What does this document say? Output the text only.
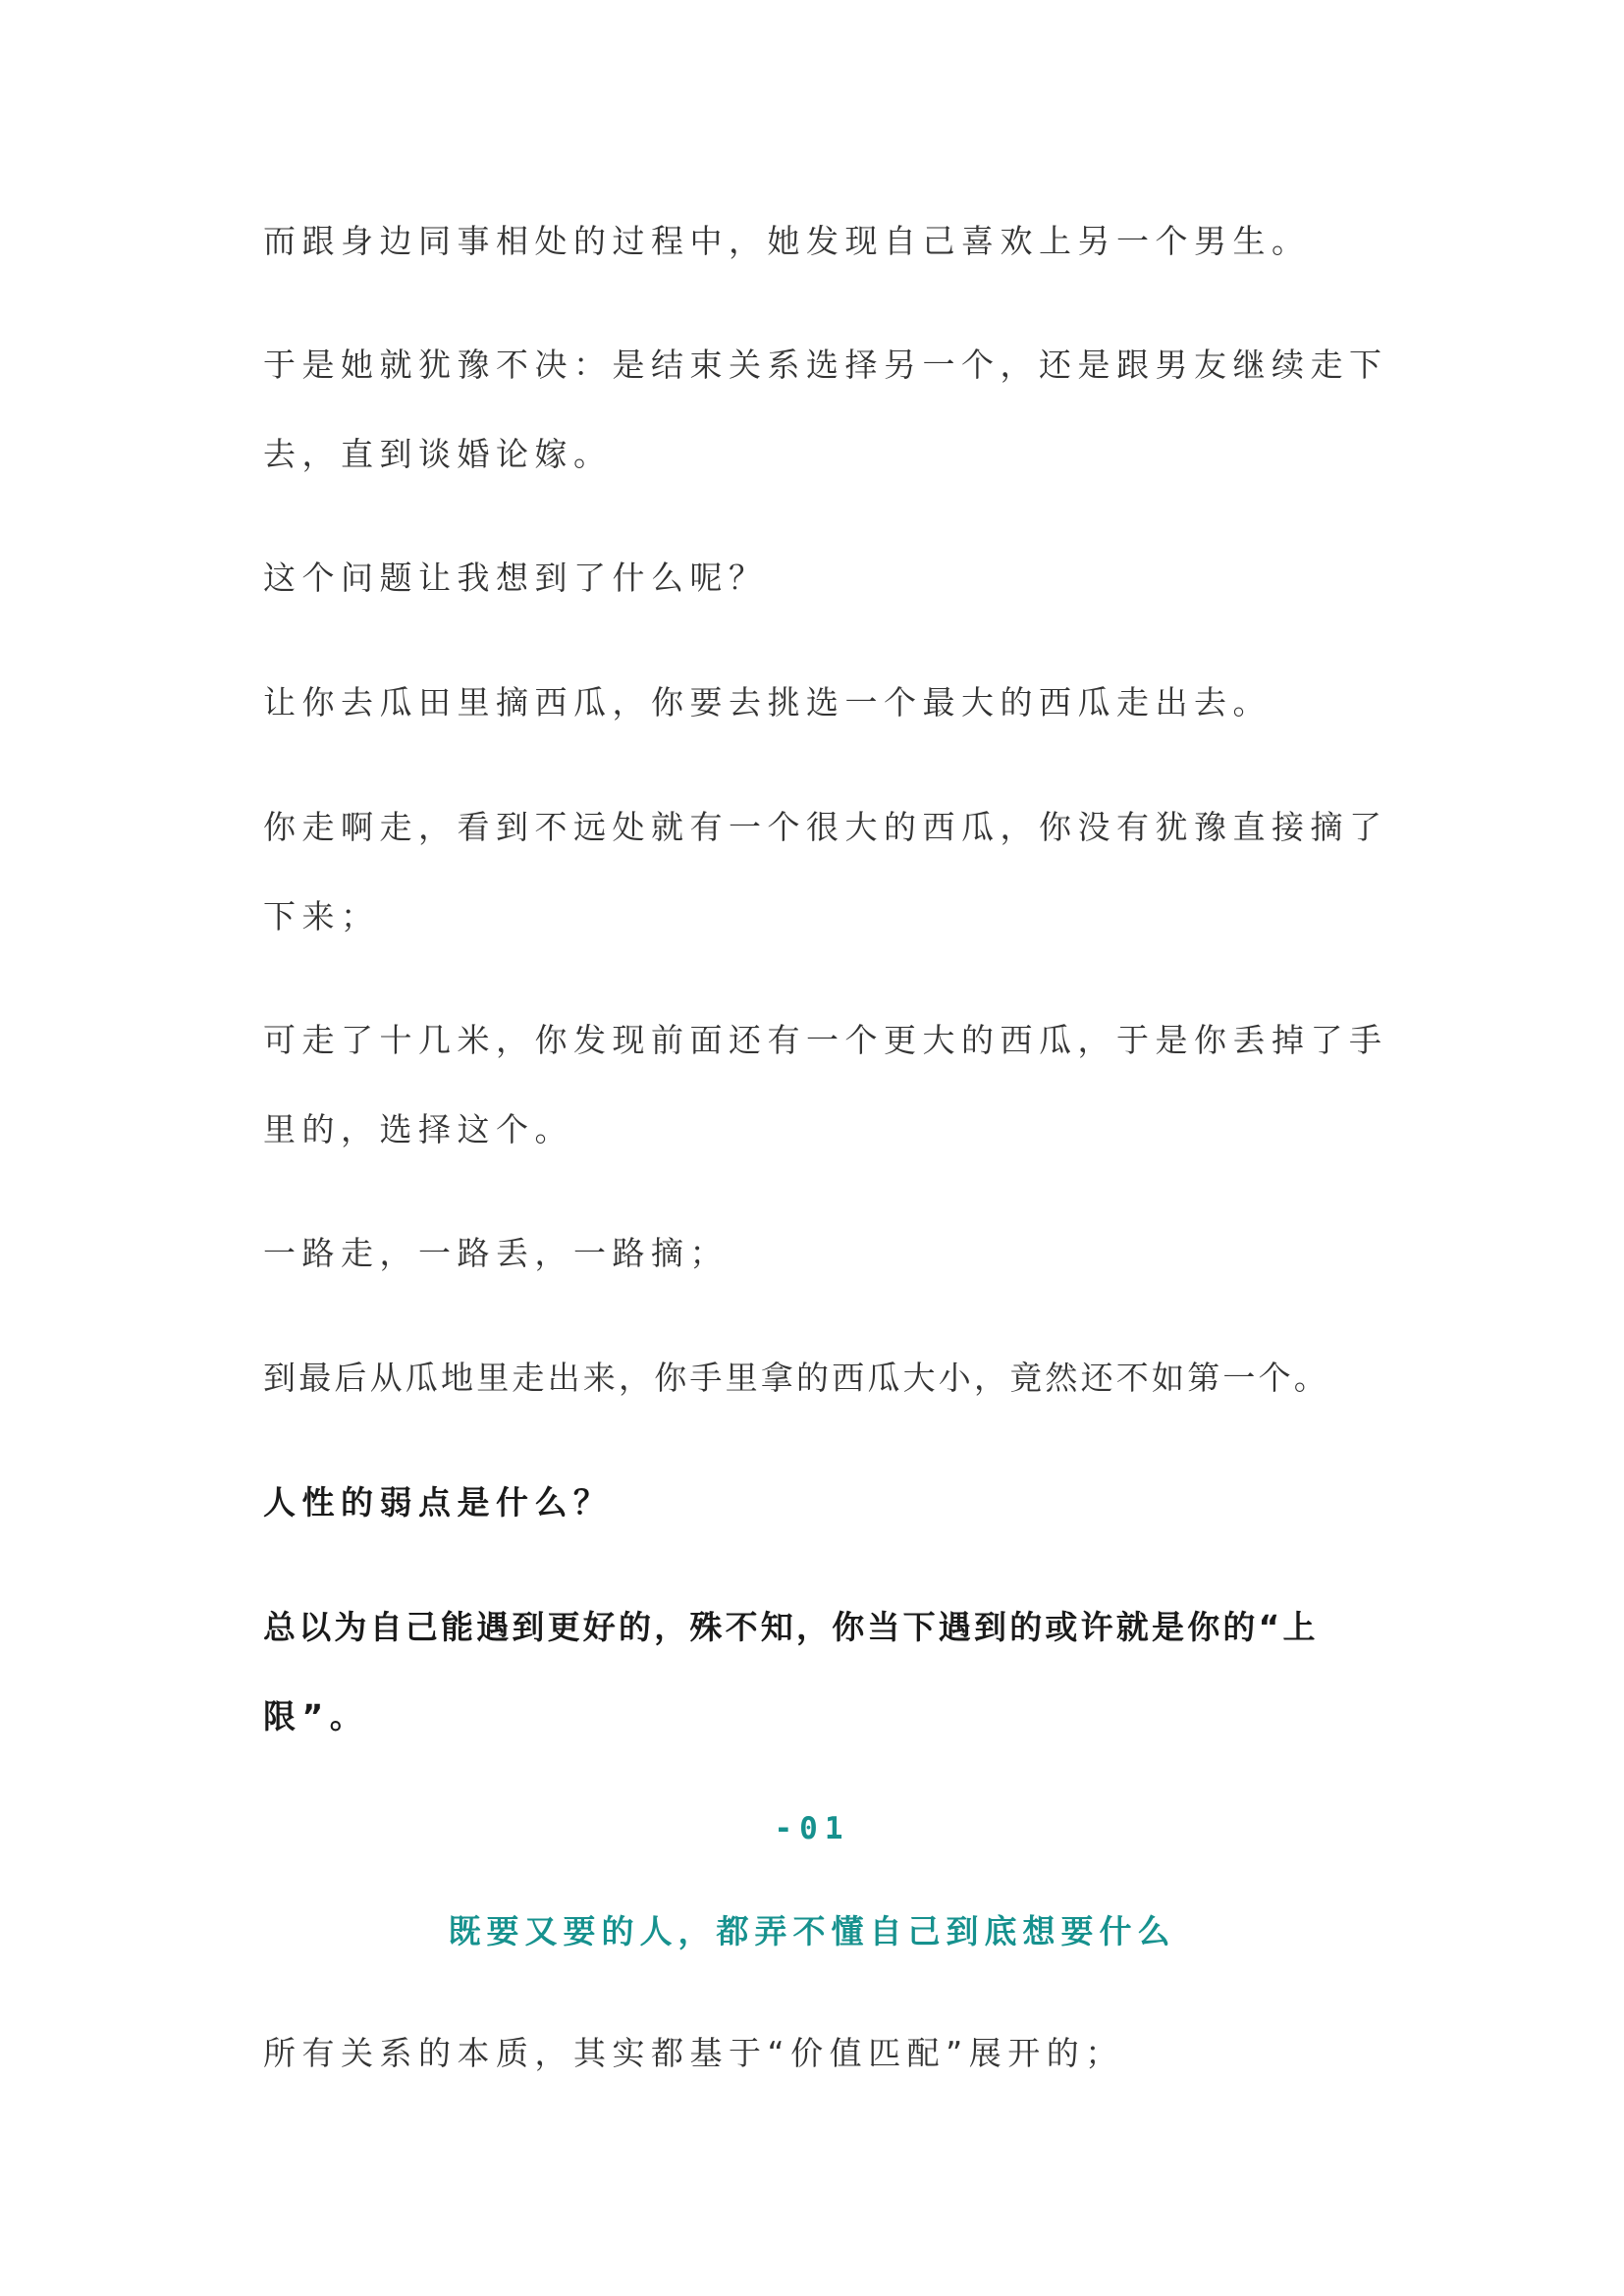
而跟身边同事相处的过程中，她发现自己喜欢上另一个男生。
于是她就犹豫不决：是结束关系选择另一个，还是跟男友继续走下
去，直到谈婚论嫁。
这个问题让我想到了什么呢？
让你去瓜田里摘西瓜，你要去挑选一个最大的西瓜走出去。
你走啊走，看到不远处就有一个很大的西瓜，你没有犹豫直接摘了
下来；
可走了十几米，你发现前面还有一个更大的西瓜，于是你丢掉了手
里的，选择这个。
一路走，一路丢，一路摘；
到最后从瓜地里走出来，你手里拿的西瓜大小，竟然还不如第一个。
人性的弱点是什么？
总以为自己能遇到更好的，殊不知，你当下遇到的或许就是你的“上
限”。
-01
既要又要的人，都弄不懂自己到底想要什么
所有关系的本质，其实都基于“价值匹配”展开的；
